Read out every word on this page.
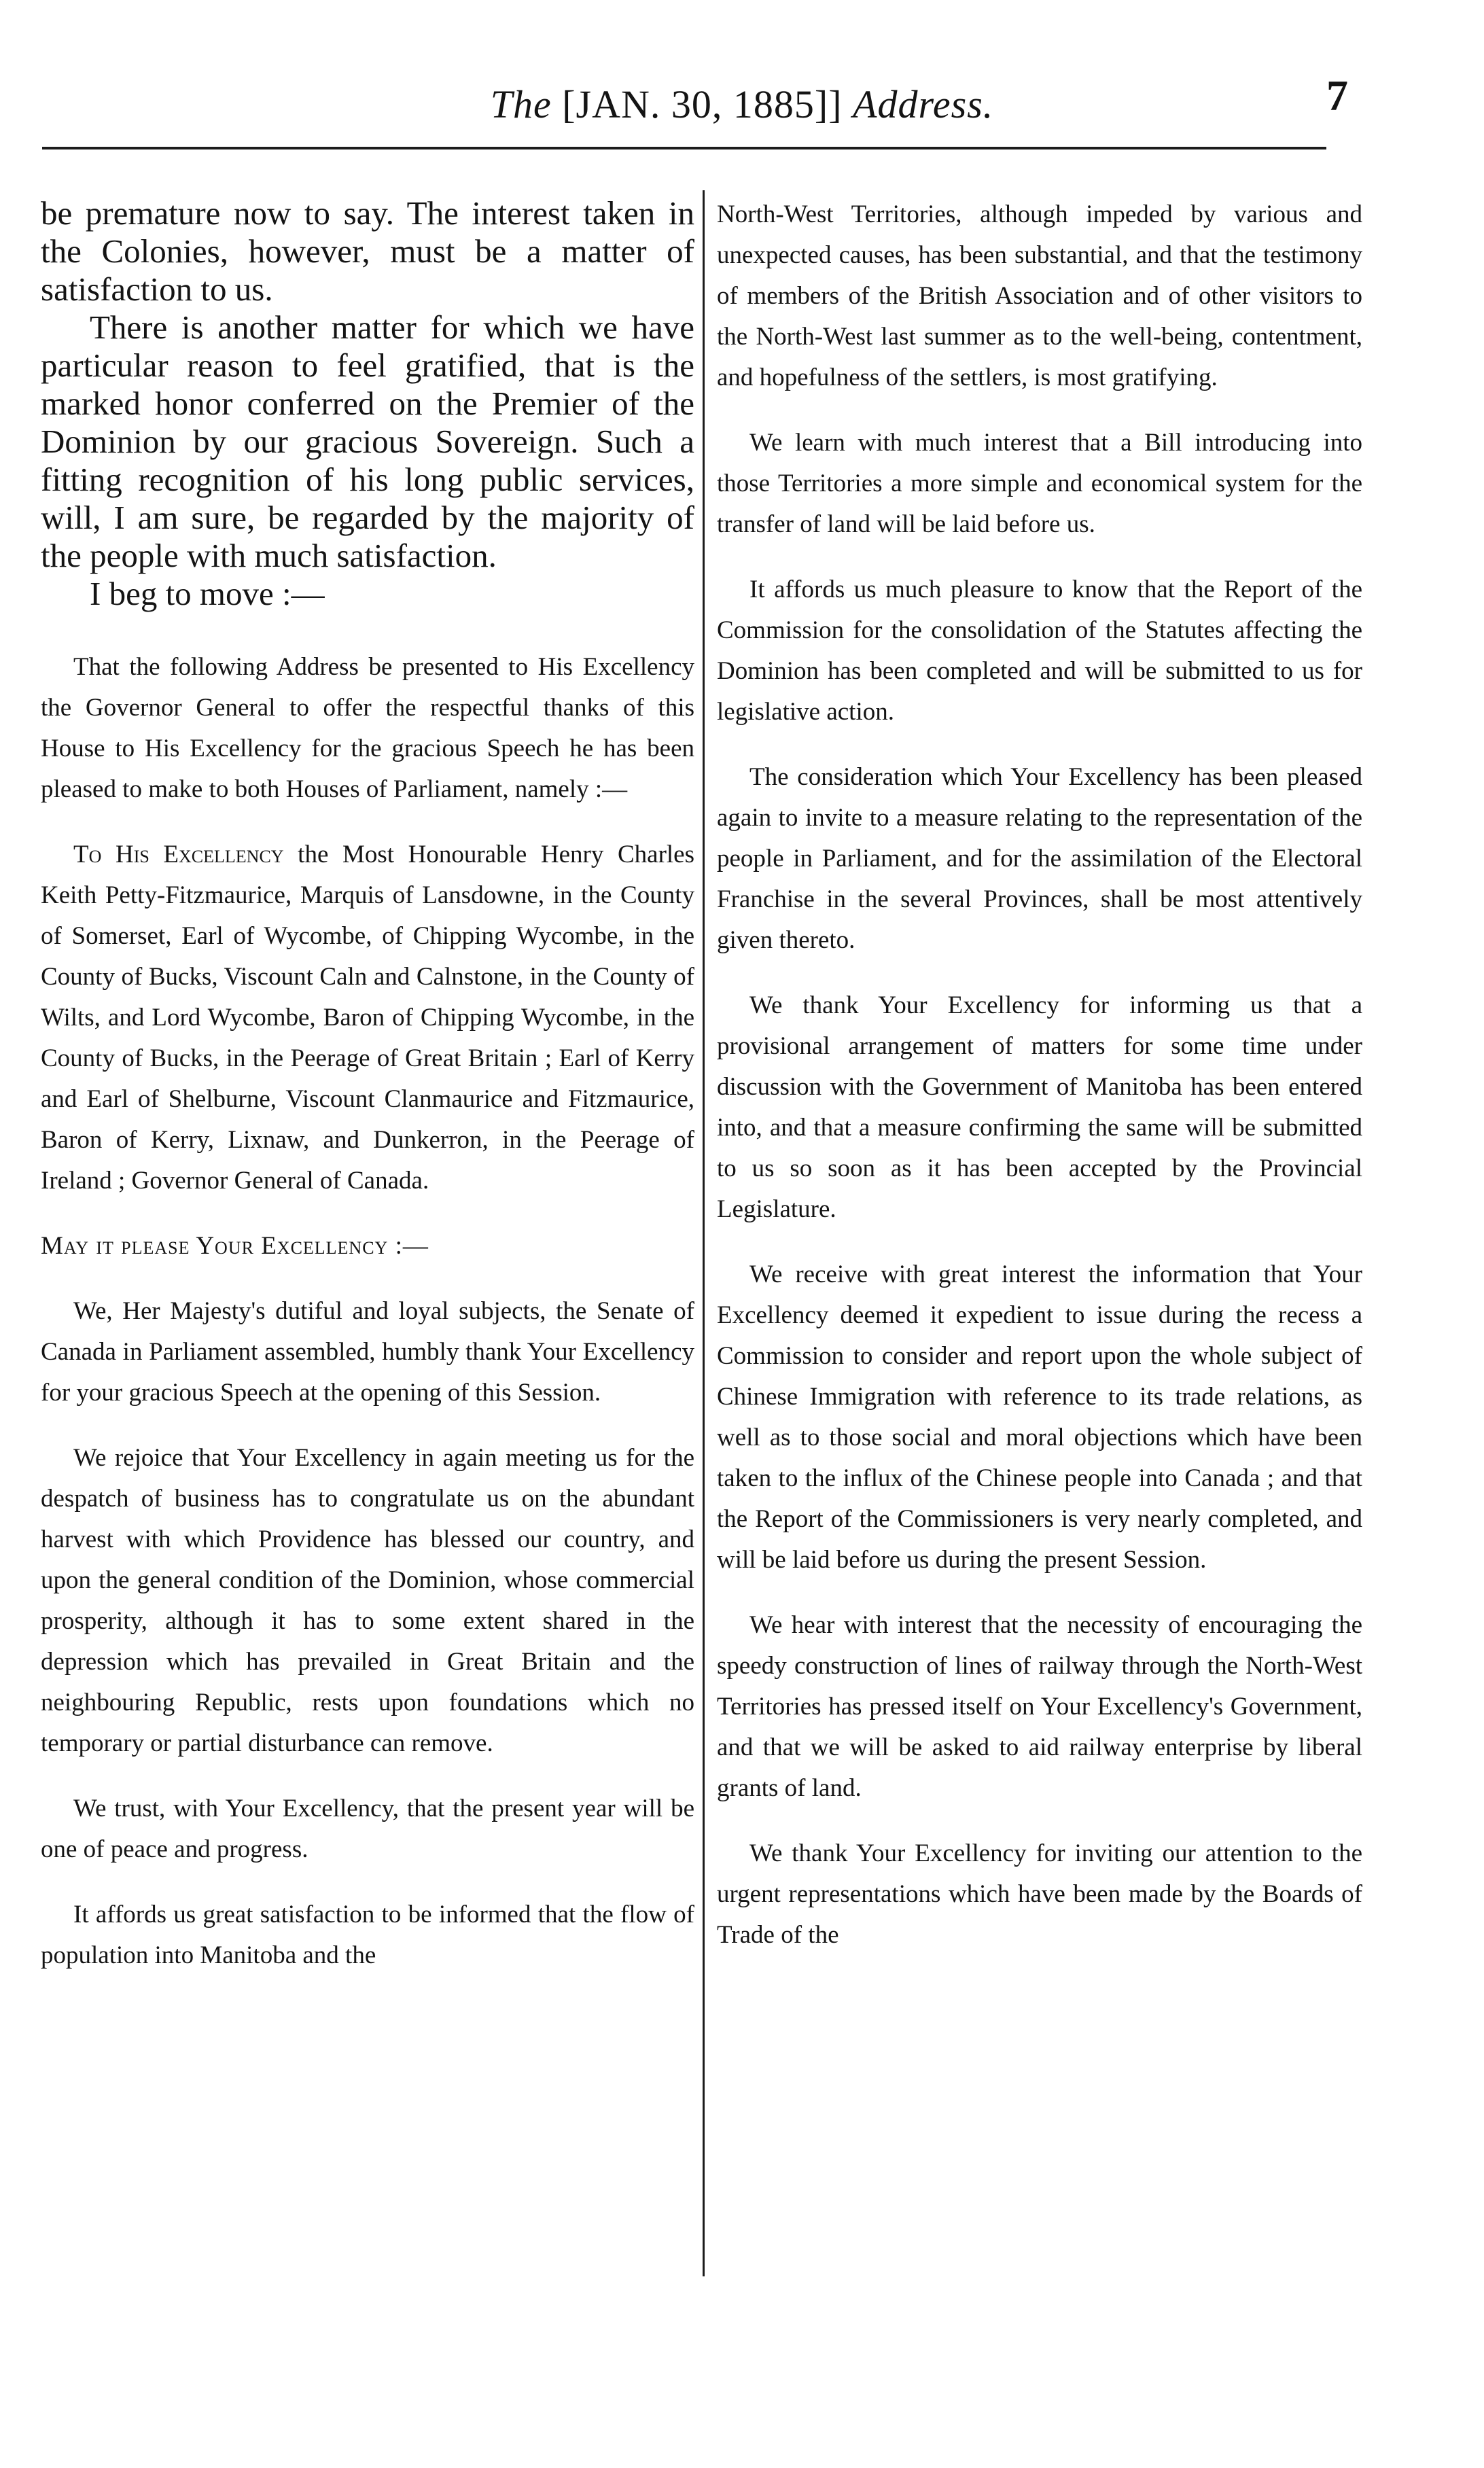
The [JAN. 30, 1885]] Address.	7

be premature now to say. The interest taken in the Colonies, however, must be a matter of satisfaction to us.

There is another matter for which we have particular reason to feel gratified, that is the marked honor conferred on the Premier of the Dominion by our gracious Sovereign. Such a fitting recognition of his long public services, will, I am sure, be regarded by the majority of the people with much satisfaction.

I beg to move :—

That the following Address be presented to His Excellency the Governor General to offer the respectful thanks of this House to His Excellency for the gracious Speech he has been pleased to make to both Houses of Parliament, namely :—

To His Excellency the Most Honourable Henry Charles Keith Petty-Fitzmaurice, Marquis of Lansdowne, in the County of Somerset, Earl of Wycombe, of Chipping Wycombe, in the County of Bucks, Viscount Caln and Calnstone, in the County of Wilts, and Lord Wycombe, Baron of Chipping Wycombe, in the County of Bucks, in the Peerage of Great Britain ; Earl of Kerry and Earl of Shelburne, Viscount Clanmaurice and Fitzmaurice, Baron of Kerry, Lixnaw, and Dunkerron, in the Peerage of Ireland ; Governor General of Canada.

May it please Your Excellency :—

We, Her Majesty's dutiful and loyal subjects, the Senate of Canada in Parliament assembled, humbly thank Your Excellency for your gracious Speech at the opening of this Session.

We rejoice that Your Excellency in again meeting us for the despatch of business has to congratulate us on the abundant harvest with which Providence has blessed our country, and upon the general condition of the Dominion, whose commercial prosperity, although it has to some extent shared in the depression which has prevailed in Great Britain and the neighbouring Republic, rests upon foundations which no temporary or partial disturbance can remove.

We trust, with Your Excellency, that the present year will be one of peace and progress.

It affords us great satisfaction to be informed that the flow of population into Manitoba and the

North-West Territories, although impeded by various and unexpected causes, has been substantial, and that the testimony of members of the British Association and of other visitors to the North-West last summer as to the well-being, contentment, and hopefulness of the settlers, is most gratifying.

We learn with much interest that a Bill introducing into those Territories a more simple and economical system for the transfer of land will be laid before us.

It affords us much pleasure to know that the Report of the Commission for the consolidation of the Statutes affecting the Dominion has been completed and will be submitted to us for legislative action.

The consideration which Your Excellency has been pleased again to invite to a measure relating to the representation of the people in Parliament, and for the assimilation of the Electoral Franchise in the several Provinces, shall be most attentively given thereto.

We thank Your Excellency for informing us that a provisional arrangement of matters for some time under discussion with the Government of Manitoba has been entered into, and that a measure confirming the same will be submitted to us so soon as it has been accepted by the Provincial Legislature.

We receive with great interest the information that Your Excellency deemed it expedient to issue during the recess a Commission to consider and report upon the whole subject of Chinese Immigration with reference to its trade relations, as well as to those social and moral objections which have been taken to the influx of the Chinese people into Canada ; and that the Report of the Commissioners is very nearly completed, and will be laid before us during the present Session.

We hear with interest that the necessity of encouraging the speedy construction of lines of railway through the North-West Territories has pressed itself on Your Excellency's Government, and that we will be asked to aid railway enterprise by liberal grants of land.

We thank Your Excellency for inviting our attention to the urgent representations which have been made by the Boards of Trade of the
